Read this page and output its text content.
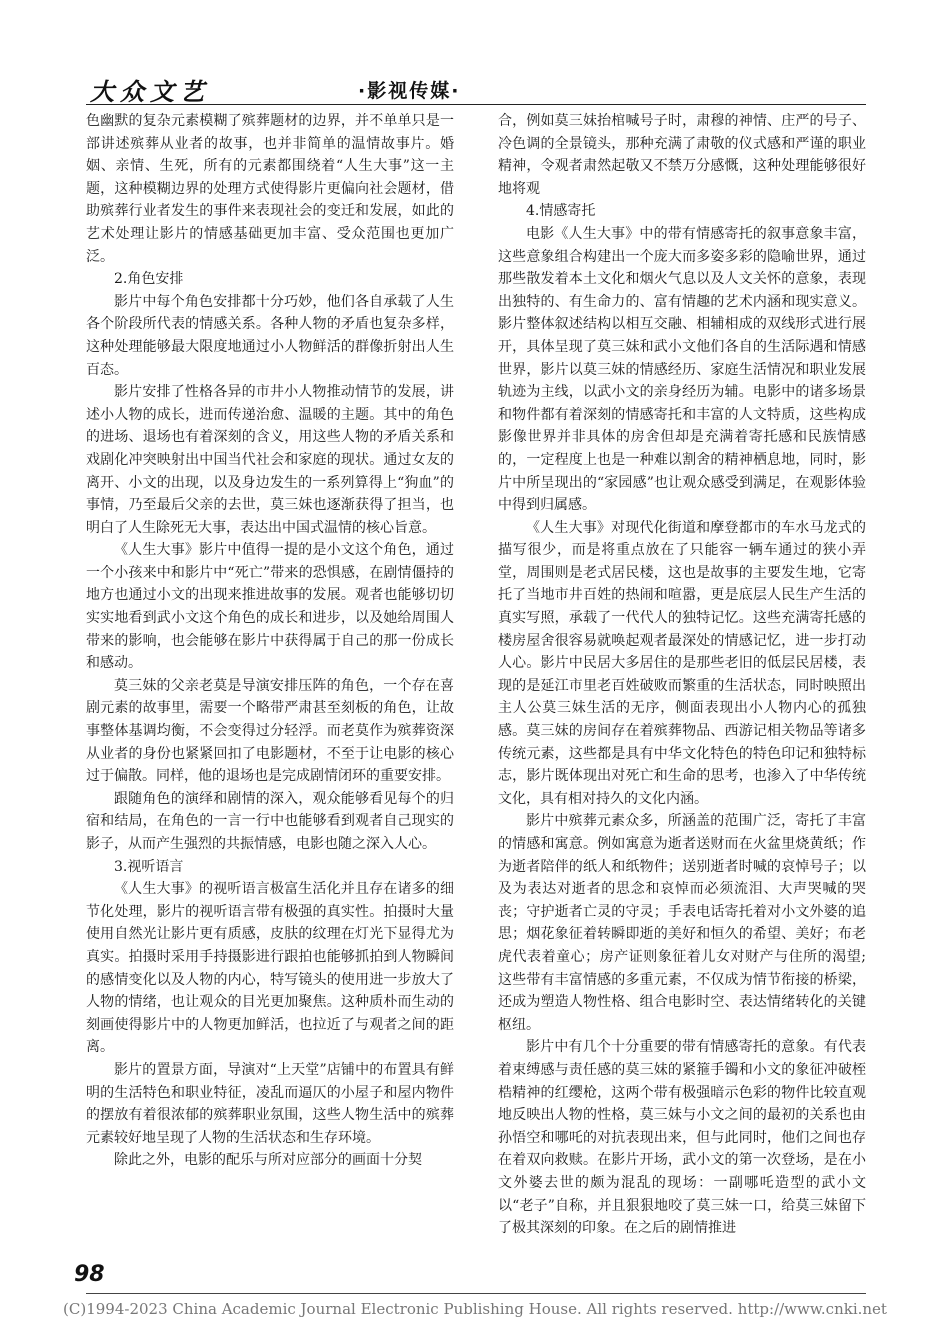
大众文艺	·影视传媒·

色幽默的复杂元素模糊了殡葬题材的边界，并不单单只是一部讲述殡葬从业者的故事，也并非简单的温情故事片。婚姻、亲情、生死，所有的元素都围绕着“人生大事”这一主题，这种模糊边界的处理方式使得影片更偏向社会题材，借助殡葬行业者发生的事件来表现社会的变迁和发展，如此的艺术处理让影片的情感基础更加丰富、受众范围也更加广泛。

2.角色安排

影片中每个角色安排都十分巧妙，他们各自承载了人生各个阶段所代表的情感关系。各种人物的矛盾也复杂多样，这种处理能够最大限度地通过小人物鲜活的群像折射出人生百态。

影片安排了性格各异的市井小人物推动情节的发展，讲述小人物的成长，进而传递治愈、温暖的主题。其中的角色的进场、退场也有着深刻的含义，用这些人物的矛盾关系和戏剧化冲突映射出中国当代社会和家庭的现状。通过女友的离开、小文的出现，以及身边发生的一系列算得上“狗血”的事情，乃至最后父亲的去世，莫三妹也逐渐获得了担当，也明白了人生除死无大事，表达出中国式温情的核心旨意。

《人生大事》影片中值得一提的是小文这个角色，通过一个小孩来中和影片中“死亡”带来的恐惧感，在剧情僵持的地方也通过小文的出现来推进故事的发展。观者也能够切切实实地看到武小文这个角色的成长和进步，以及她给周围人带来的影响，也会能够在影片中获得属于自己的那一份成长和感动。

莫三妹的父亲老莫是导演安排压阵的角色，一个存在喜剧元素的故事里，需要一个略带严肃甚至刻板的角色，让故事整体基调均衡，不会变得过分轻浮。而老莫作为殡葬资深从业者的身份也紧紧回扣了电影题材，不至于让电影的核心过于偏散。同样，他的退场也是完成剧情闭环的重要安排。

跟随角色的演绎和剧情的深入，观众能够看见每个的归宿和结局，在角色的一言一行中也能够看到观者自己现实的影子，从而产生强烈的共振情感，电影也随之深入人心。

3.视听语言

《人生大事》的视听语言极富生活化并且存在诸多的细节化处理，影片的视听语言带有极强的真实性。拍摄时大量使用自然光让影片更有质感，皮肤的纹理在灯光下显得尤为真实。拍摄时采用手持摄影进行跟拍也能够抓拍到人物瞬间的感情变化以及人物的内心，特写镜头的使用进一步放大了人物的情绪，也让观众的目光更加聚焦。这种质朴而生动的刻画使得影片中的人物更加鲜活，也拉近了与观者之间的距离。

影片的置景方面，导演对“上天堂”店铺中的布置具有鲜明的生活特色和职业特征，凌乱而逼仄的小屋子和屋内物件的摆放有着很浓郁的殡葬职业氛围，这些人物生活中的殡葬元素较好地呈现了人物的生活状态和生存环境。

除此之外，电影的配乐与所对应部分的画面十分契

合，例如莫三妹抬棺喊号子时，肃穆的神情、庄严的号子、冷色调的全景镜头，那种充满了肃敬的仪式感和严谨的职业精神，令观者肃然起敬又不禁万分感慨，这种处理能够很好地将观

4.情感寄托

电影《人生大事》中的带有情感寄托的叙事意象丰富，这些意象组合构建出一个庞大而多姿多彩的隐喻世界，通过那些散发着本土文化和烟火气息以及人文关怀的意象，表现出独特的、有生命力的、富有情趣的艺术内涵和现实意义。影片整体叙述结构以相互交融、相辅相成的双线形式进行展开，具体呈现了莫三妹和武小文他们各自的生活际遇和情感世界，影片以莫三妹的情感经历、家庭生活情况和职业发展轨迹为主线，以武小文的亲身经历为辅。电影中的诸多场景和物件都有着深刻的情感寄托和丰富的人文特质，这些构成影像世界并非具体的房舍但却是充满着寄托感和民族情感的，一定程度上也是一种难以割舍的精神栖息地，同时，影片中所呈现出的“家园感”也让观众感受到满足，在观影体验中得到归属感。

《人生大事》对现代化街道和摩登都市的车水马龙式的描写很少，而是将重点放在了只能容一辆车通过的狭小弄堂，周围则是老式居民楼，这也是故事的主要发生地，它寄托了当地市井百姓的热闹和喧嚣，更是底层人民生产生活的真实写照，承载了一代代人的独特记忆。这些充满寄托感的楼房屋舍很容易就唤起观者最深处的情感记忆，进一步打动人心。影片中民居大多居住的是那些老旧的低层民居楼，表现的是延江市里老百姓破败而繁重的生活状态，同时映照出主人公莫三妹生活的无序，侧面表现出小人物内心的孤独感。莫三妹的房间存在着殡葬物品、西游记相关物品等诸多传统元素，这些都是具有中华文化特色的特色印记和独特标志，影片既体现出对死亡和生命的思考，也渗入了中华传统文化，具有相对持久的文化内涵。

影片中殡葬元素众多，所涵盖的范围广泛，寄托了丰富的情感和寓意。例如寓意为逝者送财而在火盆里烧黄纸；作为逝者陪伴的纸人和纸物件；送别逝者时喊的哀悼号子；以及为表达对逝者的思念和哀悼而必须流泪、大声哭喊的哭丧；守护逝者亡灵的守灵；手表电话寄托着对小文外婆的追思；烟花象征着转瞬即逝的美好和恒久的希望、美好；布老虎代表着童心；房产证则象征着儿女对财产与住所的渴望;这些带有丰富情感的多重元素，不仅成为情节衔接的桥梁，还成为塑造人物性格、组合电影时空、表达情绪转化的关键枢纽。

影片中有几个十分重要的带有情感寄托的意象。有代表着束缚感与责任感的莫三妹的紧箍手镯和小文的象征冲破桎梏精神的红缨枪，这两个带有极强暗示色彩的物件比较直观地反映出人物的性格，莫三妹与小文之间的最初的关系也由孙悟空和哪吒的对抗表现出来，但与此同时，他们之间也存在着双向救赎。在影片开场，武小文的第一次登场，是在小文外婆去世的颇为混乱的现场：一副哪吒造型的武小文以“老子”自称，并且狠狠地咬了莫三妹一口，给莫三妹留下了极其深刻的印象。在之后的剧情推进

98
(C)1994-2023 China Academic Journal Electronic Publishing House. All rights reserved. http://www.cnki.net
